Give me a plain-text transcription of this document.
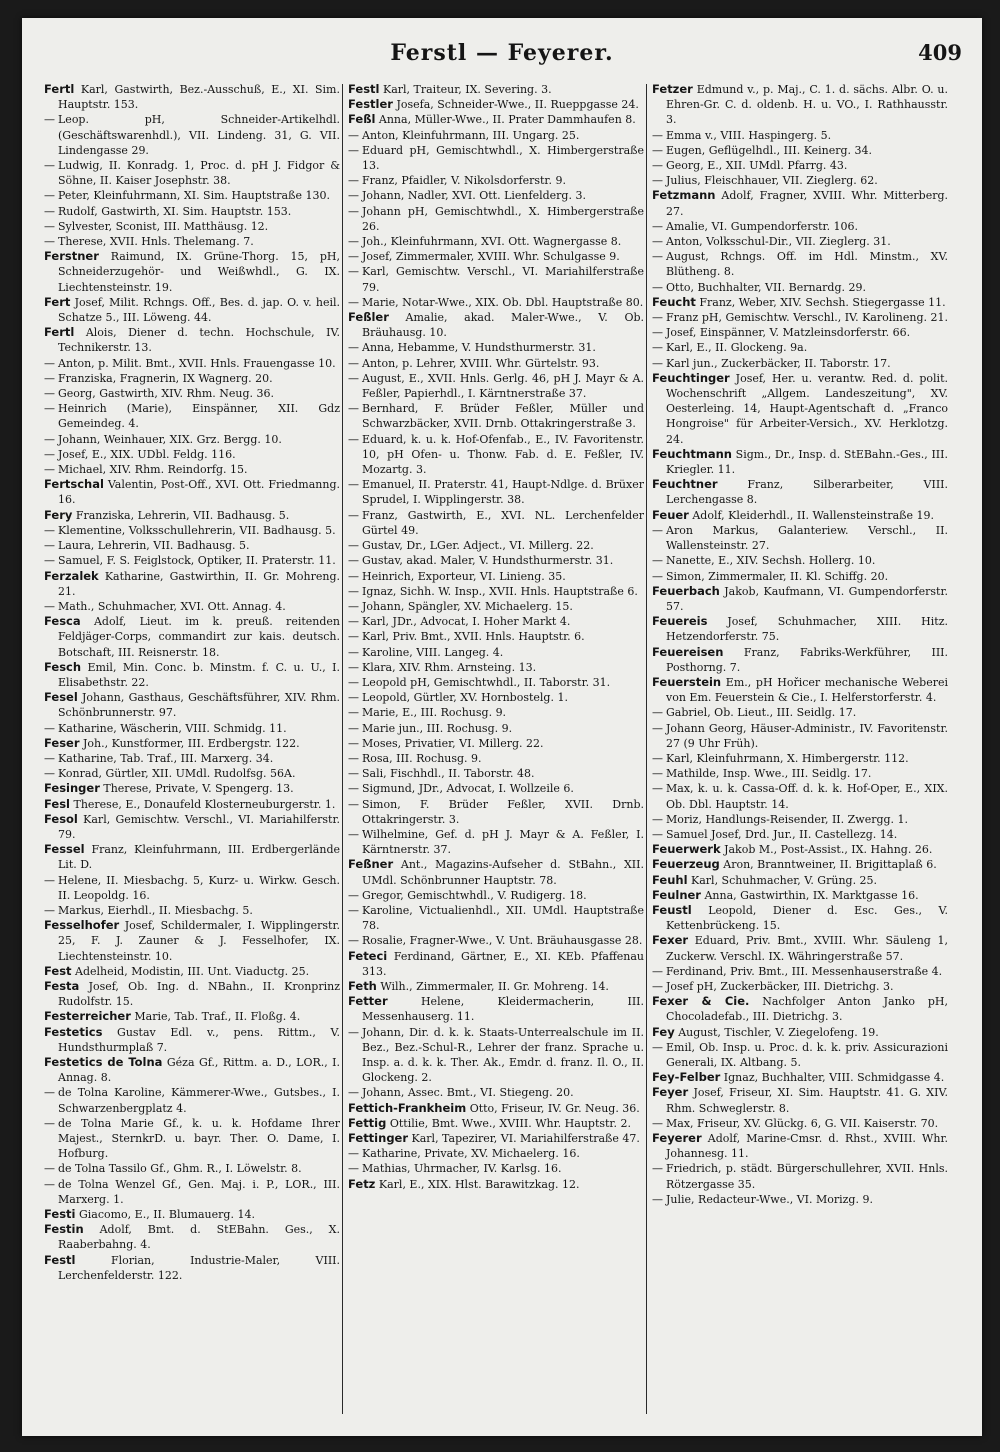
Ferstl — Feyerer.	409

Fertl Karl, Gastwirth, Bez.-Ausschuß, E., XI. Sim. Hauptstr. 153.

— Leop. pH, Schneider-Artikelhdl. (Geschäftswarenhdl.), VII. Lindeng. 31, G. VII. Lindengasse 29.

— Ludwig, II. Konradg. 1, Proc. d. pH J. Fidgor & Söhne, II. Kaiser Josephstr. 38.

— Peter, Kleinfuhrmann, XI. Sim. Hauptstraße 130.

— Rudolf, Gastwirth, XI. Sim. Hauptstr. 153.

— Sylvester, Sconist, III. Matthäusg. 12.

— Therese, XVII. Hnls. Thelemang. 7.

Ferstner Raimund, IX. Grüne-Thorg. 15, pH, Schneiderzugehör- und Weißwhdl., G. IX. Liechtensteinstr. 19.

Fert Josef, Milit. Rchngs. Off., Bes. d. jap. O. v. heil. Schatze 5., III. Löweng. 44.

Fertl Alois, Diener d. techn. Hochschule, IV. Technikerstr. 13.

— Anton, p. Milit. Bmt., XVII. Hnls. Frauengasse 10.

— Franziska, Fragnerin, IX Wagnerg. 20.

— Georg, Gastwirth, XIV. Rhm. Neug. 36.

— Heinrich (Marie), Einspänner, XII. Gdz Gemeindeg. 4.

— Johann, Weinhauer, XIX. Grz. Bergg. 10.

— Josef, E., XIX. UDbl. Feldg. 116.

— Michael, XIV. Rhm. Reindorfg. 15.

Fertschal Valentin, Post-Off., XVI. Ott. Friedmanng. 16.

Fery Franziska, Lehrerin, VII. Badhausg. 5.

— Klementine, Volksschullehrerin, VII. Badhausg. 5.

— Laura, Lehrerin, VII. Badhausg. 5.

— Samuel, F. S. Feiglstock, Optiker, II. Praterstr. 11.

Ferzalek Katharine, Gastwirthin, II. Gr. Mohreng. 21.

— Math., Schuhmacher, XVI. Ott. Annag. 4.

Fesca Adolf, Lieut. im k. preuß. reitenden Feldjäger-Corps, commandirt zur kais. deutsch. Botschaft, III. Reisnerstr. 18.

Fesch Emil, Min. Conc. b. Minstm. f. C. u. U., I. Elisabethstr. 22.

Fesel Johann, Gasthaus, Geschäftsführer, XIV. Rhm. Schönbrunnerstr. 97.

— Katharine, Wäscherin, VIII. Schmidg. 11.

Feser Joh., Kunstformer, III. Erdbergstr. 122.

— Katharine, Tab. Traf., III. Marxerg. 34.

— Konrad, Gürtler, XII. UMdl. Rudolfsg. 56A.

Fesinger Therese, Private, V. Spengerg. 13.

Fesl Therese, E., Donaufeld Klosterneuburgerstr. 1.

Fesol Karl, Gemischtw. Verschl., VI. Mariahilferstr. 79.

Fessel Franz, Kleinfuhrmann, III. Erdbergerlände Lit. D.

— Helene, II. Miesbachg. 5, Kurz- u. Wirkw. Gesch. II. Leopoldg. 16.

— Markus, Eierhdl., II. Miesbachg. 5.

Fesselhofer Josef, Schildermaler, I. Wipplingerstr. 25, F. J. Zauner & J. Fesselhofer, IX. Liechtensteinstr. 10.

Fest Adelheid, Modistin, III. Unt. Viaductg. 25.

Festa Josef, Ob. Ing. d. NBahn., II. Kronprinz Rudolfstr. 15.

Festerreicher Marie, Tab. Traf., II. Floßg. 4.

Festetics Gustav Edl. v., pens. Rittm., V. Hundsthurmplaß 7.

Festetics de Tolna Géza Gf., Rittm. a. D., LOR., I. Annag. 8.

— de Tolna Karoline, Kämmerer-Wwe., Gutsbes., I. Schwarzenbergplatz 4.

— de Tolna Marie Gf., k. u. k. Hofdame Ihrer Majest., SternkrD. u. bayr. Ther. O. Dame, I. Hofburg.

— de Tolna Tassilo Gf., Ghm. R., I. Löwelstr. 8.

— de Tolna Wenzel Gf., Gen. Maj. i. P., LOR., III. Marxerg. 1.

Festi Giacomo, E., II. Blumauerg. 14.

Festin Adolf, Bmt. d. StEBahn. Ges., X. Raaberbahng. 4.

Festl	Florian, Industrie-Maler, VIII. Lerchenfelderstr. 122.

Festl Karl, Traiteur, IX. Severing. 3.

Festler Josefa, Schneider-Wwe., II. Rueppgasse 24.

Feßl Anna, Müller-Wwe., II. Prater Dammhaufen 8.

— Anton, Kleinfuhrmann, III. Ungarg. 25.

— Eduard pH, Gemischtwhdl., X. Himbergerstraße 13.

— Franz, Pfaidler, V. Nikolsdorferstr. 9.

— Johann, Nadler, XVI. Ott. Lienfelderg. 3.

— Johann pH, Gemischtwhdl., X. Himbergerstraße 26.

— Joh., Kleinfuhrmann, XVI. Ott. Wagnergasse 8.

— Josef, Zimmermaler, XVIII. Whr. Schulgasse 9.

— Karl, Gemischtw. Verschl., VI. Mariahilferstraße 79.

— Marie, Notar-Wwe., XIX. Ob. Dbl. Hauptstraße 80.

Feßler Amalie, akad. Maler-Wwe., V. Ob. Bräuhausg. 10.

— Anna, Hebamme, V. Hundsthurmerstr. 31.

— Anton, p. Lehrer, XVIII. Whr. Gürtelstr. 93.

— August, E., XVII. Hnls. Gerlg. 46, pH J. Mayr & A. Feßler, Papierhdl., I. Kärntnerstraße 37.

— Bernhard, F. Brüder Feßler, Müller und Schwarzbäcker, XVII. Drnb. Ottakringerstraße 3.

— Eduard, k. u. k. Hof-Ofenfab., E., IV. Favoritenstr. 10, pH Ofen- u. Thonw. Fab. d. E. Feßler, IV. Mozartg. 3.

— Emanuel, II. Praterstr. 41, Haupt-Ndlge. d. Brüxer Sprudel, I. Wipplingerstr. 38.

— Franz, Gastwirth, E., XVI. NL. Lerchenfelder Gürtel 49.

— Gustav, Dr., LGer. Adject., VI. Millerg. 22.

— Gustav, akad. Maler, V. Hundsthurmerstr. 31.

— Heinrich, Exporteur, VI. Linieng. 35.

— Ignaz, Sichh. W. Insp., XVII. Hnls. Hauptstraße 6.

— Johann, Spängler, XV. Michaelerg. 15.

— Karl, JDr., Advocat, I. Hoher Markt 4.

— Karl, Priv. Bmt., XVII. Hnls. Hauptstr. 6.

— Karoline, VIII. Langeg. 4.

— Klara, XIV. Rhm. Arnsteing. 13.

— Leopold pH, Gemischtwhdl., II. Taborstr. 31.

— Leopold, Gürtler, XV. Hornbostelg. 1.

— Marie, E., III. Rochusg. 9.

— Marie jun., III. Rochusg. 9.

— Moses, Privatier, VI. Millerg. 22.

— Rosa, III. Rochusg. 9.

— Sali, Fischhdl., II. Taborstr. 48.

— Sigmund, JDr., Advocat, I. Wollzeile 6.

— Simon, F. Brüder Feßler, XVII. Drnb. Ottakringerstr. 3.

— Wilhelmine, Gef. d. pH J. Mayr & A. Feßler, I. Kärntnerstr. 37.

Feßner Ant., Magazins-Aufseher d. StBahn., XII. UMdl. Schönbrunner Hauptstr. 78.

— Gregor, Gemischtwhdl., V. Rudigerg. 18.

— Karoline, Victualienhdl., XII. UMdl. Hauptstraße 78.

— Rosalie, Fragner-Wwe., V. Unt. Bräuhausgasse 28.

Feteci Ferdinand, Gärtner, E., XI. KEb. Pfaffenau 313.

Feth Wilh., Zimmermaler, II. Gr. Mohreng. 14.

Fetter	Helene, Kleidermacherin, III. Messenhauserg. 11.

— Johann, Dir. d. k. k. Staats-Unterrealschule im II. Bez., Bez.-Schul-R., Lehrer der franz. Sprache u. Insp. a. d. k. k. Ther. Ak., Emdr. d. franz. Il. O., II. Glockeng. 2.

— Johann, Assec. Bmt., VI. Stiegeng. 20.

Fettich-Frankheim Otto, Friseur, IV. Gr. Neug. 36.

Fettig Ottilie, Bmt. Wwe., XVIII. Whr. Hauptstr. 2.

Fettinger Karl, Tapezirer, VI. Mariahilferstraße 47.

— Katharine, Private, XV. Michaelerg. 16.

— Mathias, Uhrmacher, IV. Karlsg. 16.

Fetz Karl, E., XIX. Hlst. Barawitzkag. 12.

Fetzer Edmund v., p. Maj., C. 1. d. sächs. Albr. O. u. Ehren-Gr. C. d. oldenb. H. u. VO., I. Rathhausstr. 3.

— Emma v., VIII. Haspingerg. 5.

— Eugen, Geflügelhdl., III. Keinerg. 34.

— Georg, E., XII. UMdl. Pfarrg. 43.

— Julius, Fleischhauer, VII. Zieglerg. 62.

Fetzmann Adolf, Fragner, XVIII. Whr. Mitterberg. 27.

— Amalie, VI. Gumpendorferstr. 106.

— Anton, Volksschul-Dir., VII. Zieglerg. 31.

— August, Rchngs. Off. im Hdl. Minstm., XV. Blütheng. 8.

— Otto, Buchhalter, VII. Bernardg. 29.

Feucht Franz, Weber, XIV. Sechsh. Stiegergasse 11.

— Franz pH, Gemischtw. Verschl., IV. Karolineng. 21.

— Josef, Einspänner, V. Matzleinsdorferstr. 66.

— Karl, E., II. Glockeng. 9a.

— Karl jun., Zuckerbäcker, II. Taborstr. 17.

Feuchtinger Josef, Her. u. verantw. Red. d. polit. Wochenschrift „Allgem. Landeszeitung", XV. Oesterleing. 14, Haupt-Agentschaft d. „Franco Hongroise" für Arbeiter-Versich., XV. Herklotzg. 24.

Feuchtmann Sigm., Dr., Insp. d. StEBahn.-Ges., III. Kriegler. 11.

Feuchtner	Franz, Silberarbeiter, VIII. Lerchengasse 8.

Feuer Adolf, Kleiderhdl., II. Wallensteinstraße 19.

— Aron Markus, Galanteriew. Verschl., II. Wallensteinstr. 27.

— Nanette, E., XIV. Sechsh. Hollerg. 10.

— Simon, Zimmermaler, II. Kl. Schiffg. 20.

Feuerbach Jakob, Kaufmann, VI. Gumpendorferstr. 57.

Feuereis Josef, Schuhmacher, XIII. Hitz. Hetzendorferstr. 75.

Feuereisen Franz, Fabriks-Werkführer, III. Posthorng. 7.

Feuerstein Em., pH Hořicer mechanische Weberei von Em. Feuerstein & Cie., I. Helferstorferstr. 4.

— Gabriel, Ob. Lieut., III. Seidlg. 17.

— Johann Georg, Häuser-Administr., IV. Favoritenstr. 27 (9 Uhr Früh).

— Karl, Kleinfuhrmann, X. Himbergerstr. 112.

— Mathilde, Insp. Wwe., III. Seidlg. 17.

— Max, k. u. k. Cassa-Off. d. k. k. Hof-Oper, E., XIX. Ob. Dbl. Hauptstr. 14.

— Moriz, Handlungs-Reisender, II. Zwergg. 1.

— Samuel Josef, Drd. Jur., II. Castellezg. 14.

Feuerwerk Jakob M., Post-Assist., IX. Hahng. 26.

Feuerzeug Aron, Branntweiner, II. Brigittaplaß 6.

Feuhl Karl, Schuhmacher, V. Grüng. 25.

Feulner Anna, Gastwirthin, IX. Marktgasse 16.

Feustl Leopold, Diener d. Esc. Ges., V. Kettenbrückeng. 15.

Fexer Eduard, Priv. Bmt., XVIII. Whr. Säuleng 1, Zuckerw. Verschl. IX. Währingerstraße 57.

— Ferdinand, Priv. Bmt., III. Messenhauserstraße 4.

— Josef pH, Zuckerbäcker, III. Dietrichg. 3.

Fexer & Cie. Nachfolger Anton Janko pH, Chocoladefab., III. Dietrichg. 3.

Fey August, Tischler, V. Ziegelofeng. 19.

— Emil, Ob. Insp. u. Proc. d. k. k. priv. Assicurazioni Generali, IX. Altbang. 5.

Fey-Felber Ignaz, Buchhalter, VIII. Schmidgasse 4.

Feyer Josef, Friseur, XI. Sim. Hauptstr. 41. G. XIV. Rhm. Schweglerstr. 8.

— Max, Friseur, XV. Glückg. 6, G. VII. Kaiserstr. 70.

Feyerer Adolf, Marine-Cmsr. d. Rhst., XVIII. Whr. Johannesg. 11.

— Friedrich, p. städt. Bürgerschullehrer, XVII. Hnls. Rötzergasse 35.

— Julie, Redacteur-Wwe., VI. Morizg. 9.
